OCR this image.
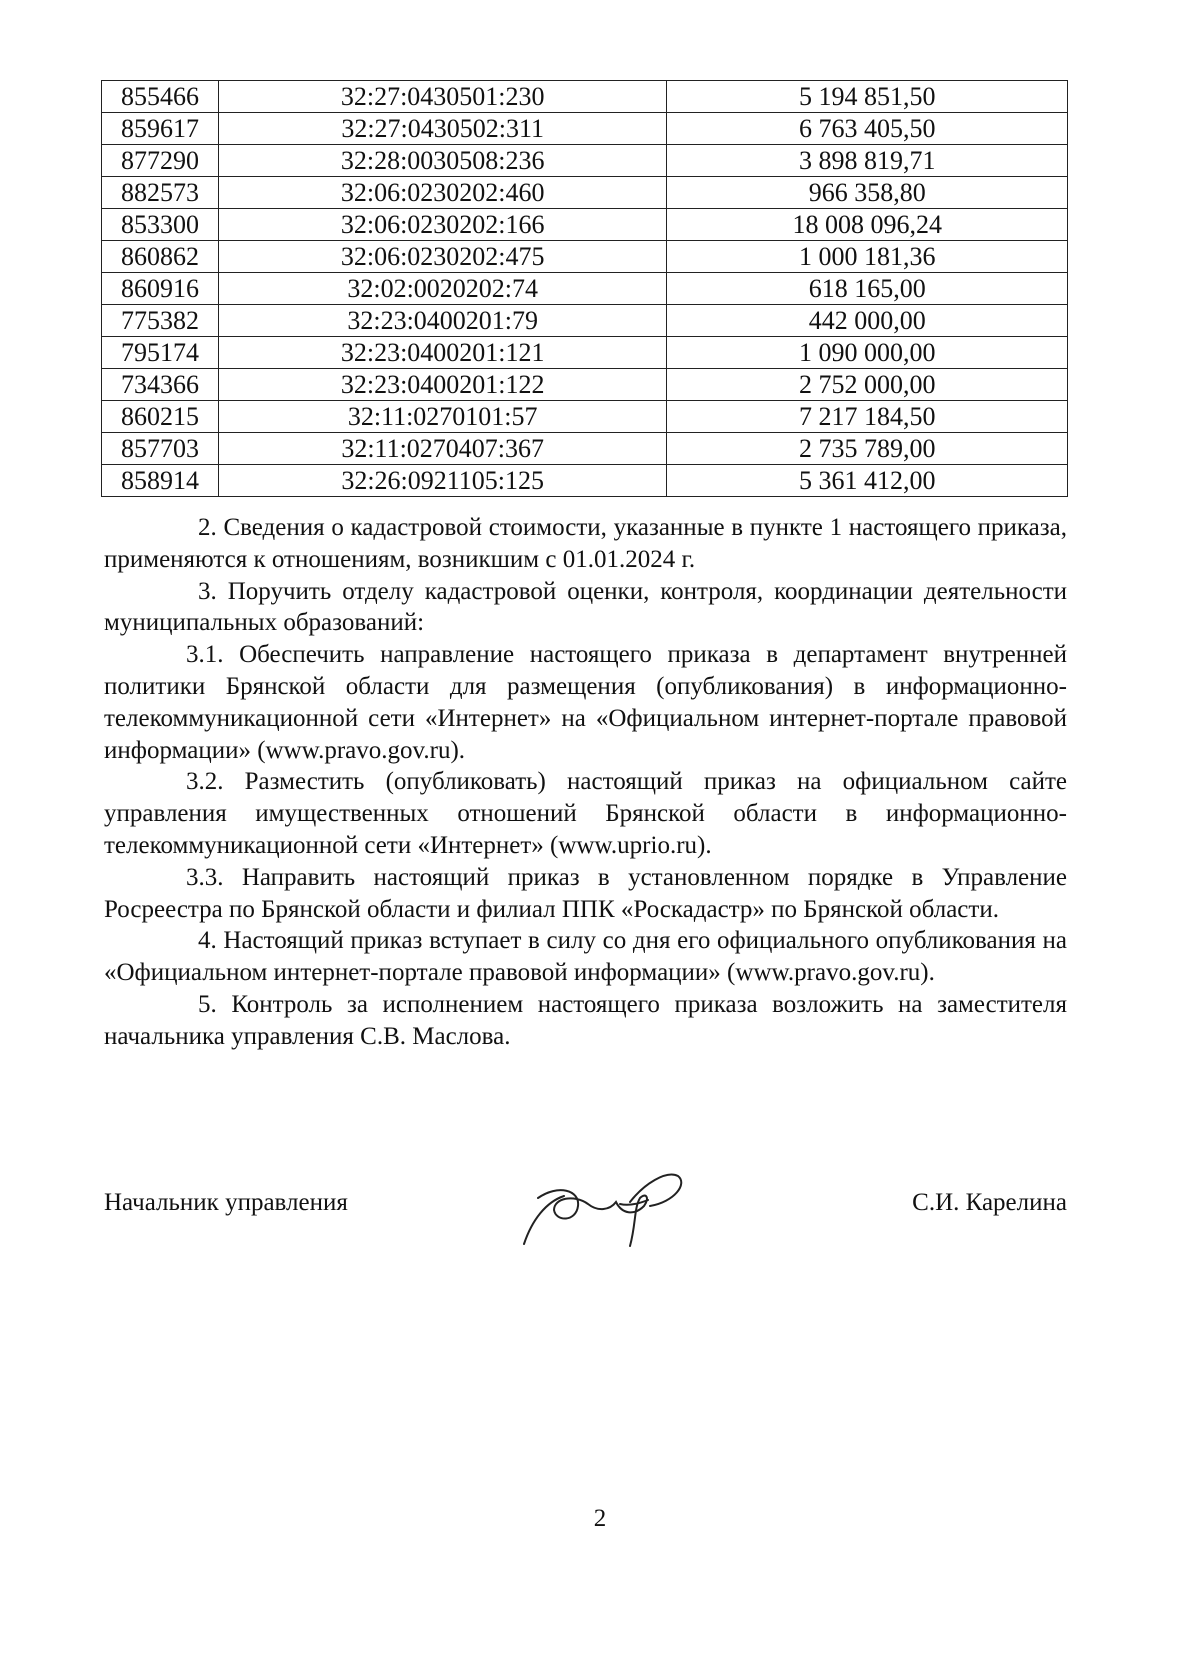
855466	32:27:0430501:230	5 194 851,50
859617	32:27:0430502:311	6 763 405,50
877290	32:28:0030508:236	3 898 819,71
882573	32:06:0230202:460	966 358,80
853300	32:06:0230202:166	18 008 096,24
860862	32:06:0230202:475	1 000 181,36
860916	32:02:0020202:74	618 165,00
775382	32:23:0400201:79	442 000,00
795174	32:23:0400201:121	1 090 000,00
734366	32:23:0400201:122	2 752 000,00
860215	32:11:0270101:57	7 217 184,50
857703	32:11:0270407:367	2 735 789,00
858914	32:26:0921105:125	5 361 412,00

2. Сведения о кадастровой стоимости, указанные в пункте 1 настоящего приказа, применяются к отношениям, возникшим с 01.01.2024 г.

3. Поручить отделу кадастровой оценки, контроля, координации деятельности муниципальных образований:

3.1. Обеспечить направление настоящего приказа в департамент внутренней политики Брянской области для размещения (опубликования) в информационно-телекоммуникационной сети «Интернет» на «Официальном интернет-портале правовой информации» (www.pravo.gov.ru).

3.2. Разместить (опубликовать) настоящий приказ на официальном сайте управления имущественных отношений Брянской области в информационно-телекоммуникационной сети «Интернет» (www.uprio.ru).

3.3. Направить настоящий приказ в установленном порядке в Управление Росреестра по Брянской области и филиал ППК «Роскадастр» по Брянской области.

4. Настоящий приказ вступает в силу со дня его официального опубликования на «Официальном интернет-портале правовой информации» (www.pravo.gov.ru).

5. Контроль за исполнением настоящего приказа возложить на заместителя начальника управления С.В. Маслова.

Начальник управления	С.И. Карелина
2
